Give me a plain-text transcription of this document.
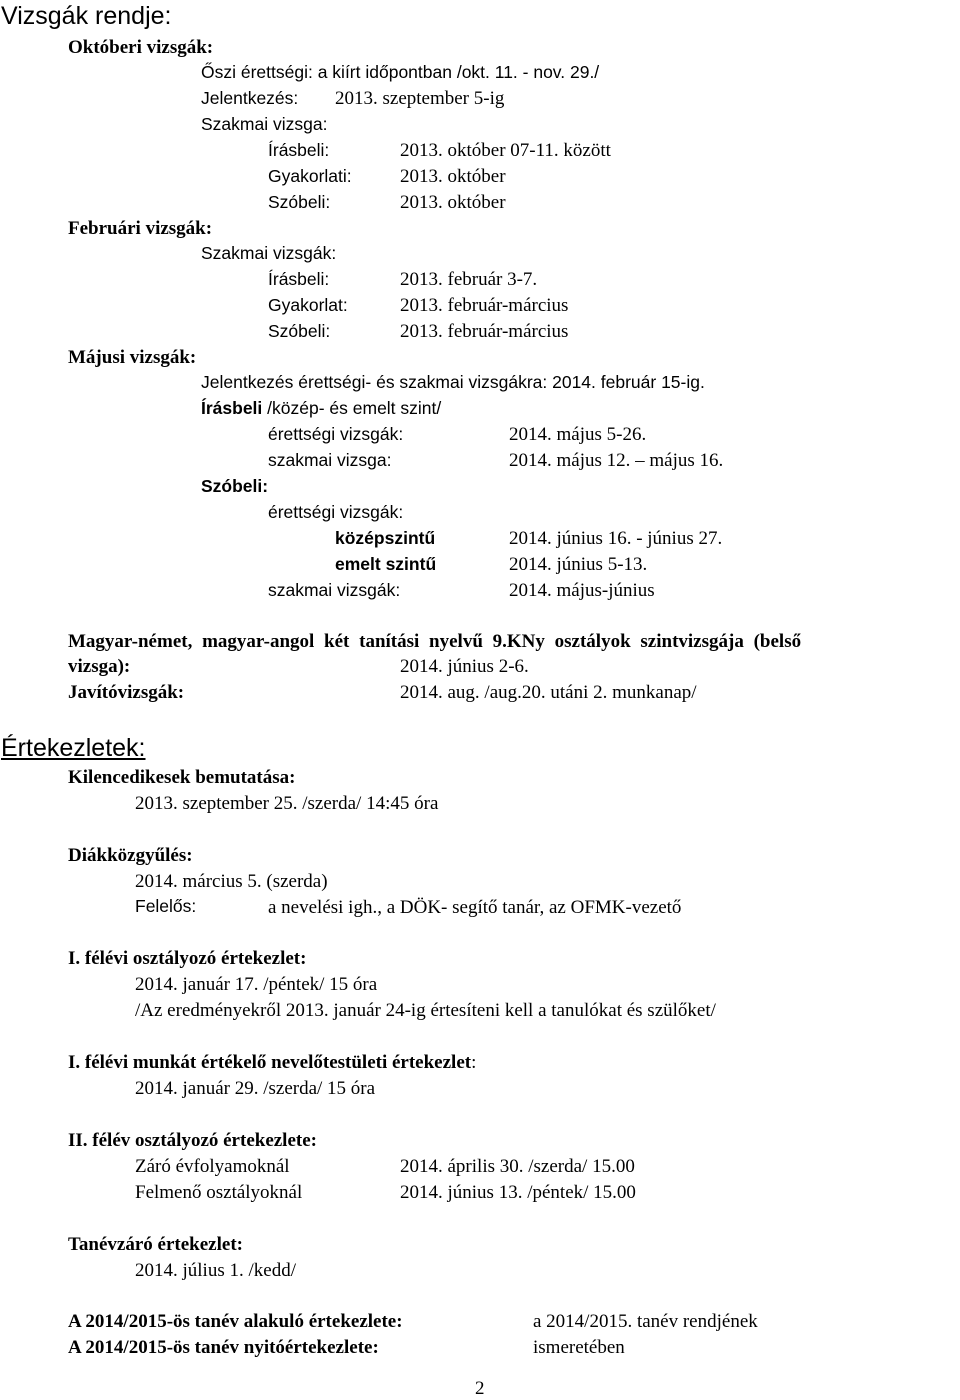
Vizsgák rendje:
Októberi vizsgák:
Őszi érettségi: a kiírt időpontban /okt. 11. - nov. 29./
Jelentkezés: 2013. szeptember 5-ig
Szakmai vizsga:
Írásbeli:	2013. október 07-11. között
Gyakorlati:	2013. október
Szóbeli:	2013. október
Februári vizsgák:
Szakmai vizsgák:
Írásbeli:	2013. február 3-7.
Gyakorlat:	2013. február-március
Szóbeli:	2013. február-március
Májusi vizsgák:
Jelentkezés érettségi- és szakmai vizsgákra: 2014. február 15-ig.
Írásbeli /közép- és emelt szint/
érettségi vizsgák:	2014. május 5-26.
szakmai vizsga:	2014. május 12. – május 16.
Szóbeli:
érettségi vizsgák:
középszintű	2014. június 16. - június 27.
emelt szintű	2014. június 5-13.
szakmai vizsgák:	2014. május-június
Magyar-német, magyar-angol két tanítási nyelvű 9.KNy osztályok szintvizsgája (belső
vizsga):	2014. június 2-6.
Javítóvizsgák:	2014. aug. /aug.20. utáni 2. munkanap/
Értekezletek:
Kilencedikesek bemutatása:
2013. szeptember 25. /szerda/ 14:45 óra
Diákközgyűlés:
2014. március 5. (szerda)
Felelős:	a nevelési igh., a DÖK- segítő tanár, az OFMK-vezető
I. félévi osztályozó értekezlet:
2014. január 17. /péntek/ 15 óra
/Az eredményekről 2013. január 24-ig értesíteni kell a tanulókat és szülőket/
I. félévi munkát értékelő nevelőtestületi értekezlet:
2014. január 29. /szerda/ 15 óra
II. félév osztályozó értekezlete:
Záró évfolyamoknál	2014. április 30. /szerda/ 15.00
Felmenő osztályoknál	2014. június 13. /péntek/ 15.00
Tanévzáró értekezlet:
2014. július 1. /kedd/
A 2014/2015-ös tanév alakuló értekezlete:	a 2014/2015. tanév rendjének
A 2014/2015-ös tanév nyitóértekezlete:	ismeretében
2
